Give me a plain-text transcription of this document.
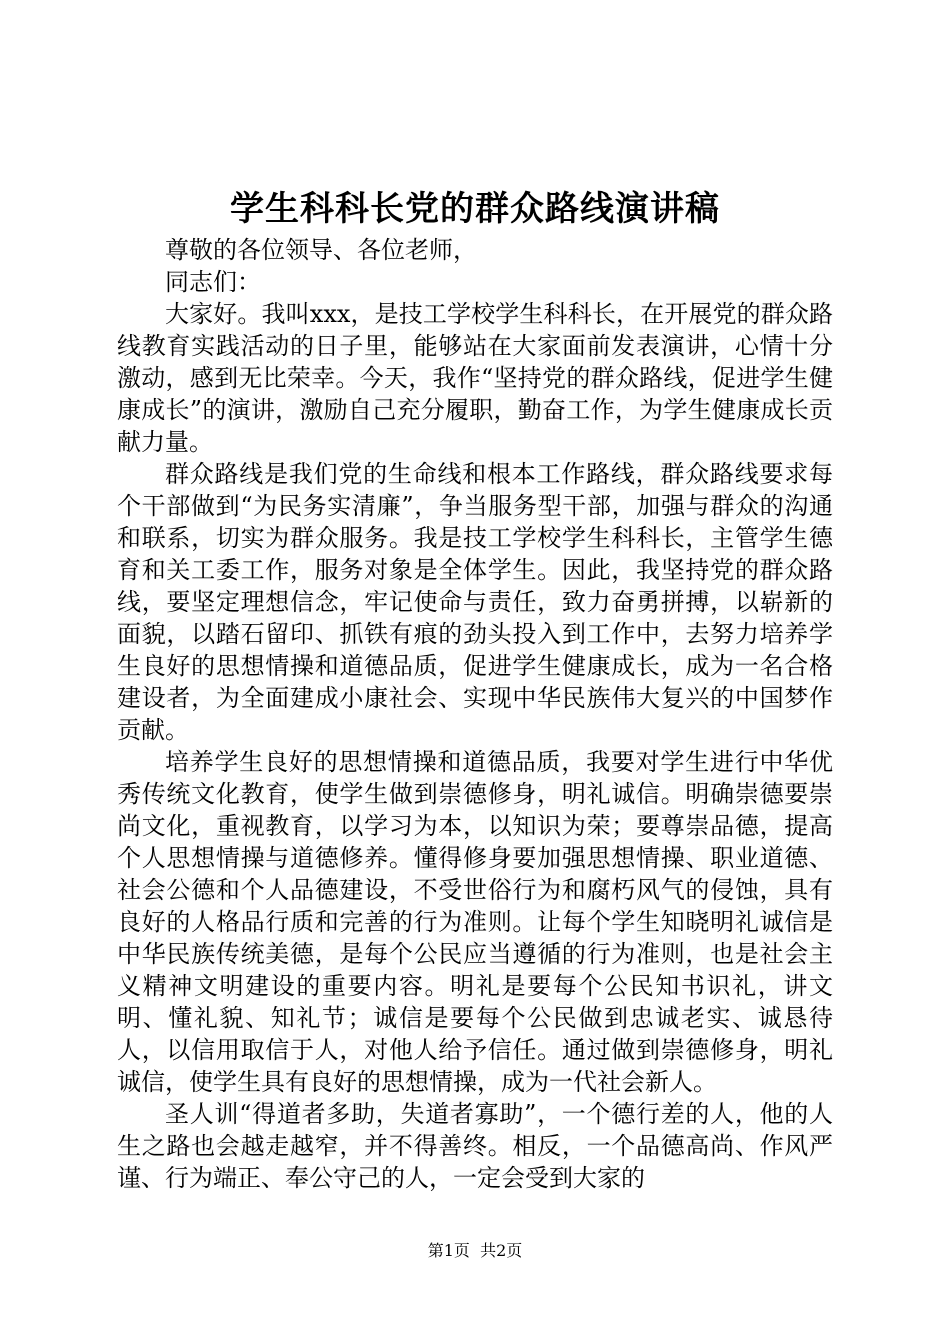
学生科科长党的群众路线演讲稿

尊敬的各位领导、各位老师，

同志们：

大家好。我叫xxx，是技工学校学生科科长，在开展党的群众路线教育实践活动的日子里，能够站在大家面前发表演讲，心情十分激动，感到无比荣幸。今天，我作“坚持党的群众路线，促进学生健康成长”的演讲，激励自己充分履职，勤奋工作，为学生健康成长贡献力量。

群众路线是我们党的生命线和根本工作路线，群众路线要求每个干部做到“为民务实清廉”，争当服务型干部，加强与群众的沟通和联系，切实为群众服务。我是技工学校学生科科长，主管学生德育和关工委工作，服务对象是全体学生。因此，我坚持党的群众路线，要坚定理想信念，牢记使命与责任，致力奋勇拼搏，以崭新的面貌，以踏石留印、抓铁有痕的劲头投入到工作中，去努力培养学生良好的思想情操和道德品质，促进学生健康成长，成为一名合格建设者，为全面建成小康社会、实现中华民族伟大复兴的中国梦作贡献。

培养学生良好的思想情操和道德品质，我要对学生进行中华优秀传统文化教育，使学生做到崇德修身，明礼诚信。明确崇德要崇尚文化，重视教育，以学习为本，以知识为荣；要尊崇品德，提高个人思想情操与道德修养。懂得修身要加强思想情操、职业道德、社会公德和个人品德建设，不受世俗行为和腐朽风气的侵蚀，具有良好的人格品行质和完善的行为准则。让每个学生知晓明礼诚信是中华民族传统美德，是每个公民应当遵循的行为准则，也是社会主义精神文明建设的重要内容。明礼是要每个公民知书识礼，讲文明、懂礼貌、知礼节；诚信是要每个公民做到忠诚老实、诚恳待人，以信用取信于人，对他人给予信任。通过做到崇德修身，明礼诚信，使学生具有良好的思想情操，成为一代社会新人。

圣人训“得道者多助，失道者寡助”，一个德行差的人，他的人生之路也会越走越窄，并不得善终。相反，一个品德高尚、作风严谨、行为端正、奉公守己的人，一定会受到大家的

第1页  共2页
